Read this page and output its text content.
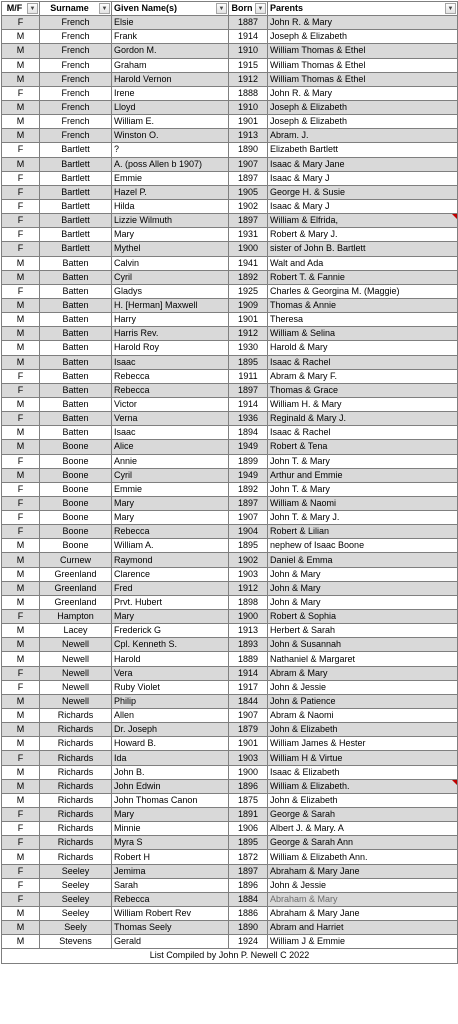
M/F ▼	Surname ▼	Given Name(s) ▼	Born ▼	Parents ▼

F	French	Elsie	1887	John R. & Mary
M	French	Frank	1914	Joseph & Elizabeth
M	French	Gordon M.	1910	William Thomas & Ethel
M	French	Graham	1915	William Thomas & Ethel
M	French	Harold Vernon	1912	William Thomas & Ethel
F	French	Irene	1888	John R. & Mary
M	French	Lloyd	1910	Joseph & Elizabeth
M	French	William E.	1901	Joseph & Elizabeth
M	French	Winston O.	1913	Abram. J.
F	Bartlett	?	1890	Elizabeth Bartlett
M	Bartlett	A. (poss Allen b 1907)	1907	Isaac & Mary Jane
F	Bartlett	Emmie	1897	Isaac & Mary J
F	Bartlett	Hazel P.	1905	George H. & Susie
F	Bartlett	Hilda	1902	Isaac & Mary J
F	Bartlett	Lizzie Wilmuth	1897	William & Elfrida,

F	Bartlett	Mary	1931	Robert & Mary J.
F	Bartlett	Mythel	1900	sister of John B. Bartlett
M	Batten	Calvin	1941	Walt and Ada
M	Batten	Cyril	1892	Robert T. & Fannie
F	Batten	Gladys	1925	Charles & Georgina M. (Maggie)
M	Batten	H. [Herman] Maxwell	1909	Thomas & Annie
M	Batten	Harry	1901	Theresa
M	Batten	Harris Rev.	1912	William & Selina
M	Batten	Harold Roy	1930	Harold & Mary
M	Batten	Isaac	1895	Isaac & Rachel
F	Batten	Rebecca	1911	Abram & Mary F.
F	Batten	Rebecca	1897	Thomas & Grace
M	Batten	Victor	1914	William H. & Mary
F	Batten	Verna	1936	Reginald & Mary J.
M	Batten	Isaac	1894	Isaac & Rachel
M	Boone	Alice	1949	Robert & Tena
F	Boone	Annie	1899	John T. & Mary
M	Boone	Cyril	1949	Arthur and Emmie
F	Boone	Emmie	1892	John T. & Mary
F	Boone	Mary	1897	William & Naomi
F	Boone	Mary	1907	John T. & Mary J.
F	Boone	Rebecca	1904	Robert & Lilian
M	Boone	William A.	1895	nephew of Isaac Boone
M	Curnew	Raymond	1902	Daniel & Emma
M	Greenland	Clarence	1903	John & Mary
M	Greenland	Fred	1912	John & Mary
M	Greenland	Prvt. Hubert	1898	John & Mary
F	Hampton	Mary	1900	Robert & Sophia
M	Lacey	Frederick G	1913	Herbert & Sarah
M	Newell	Cpl. Kenneth S.	1893	John & Susannah
M	Newell	Harold	1889	Nathaniel & Margaret
F	Newell	Vera	1914	Abram & Mary
F	Newell	Ruby Violet	1917	John & Jessie
M	Newell	Philip	1844	John & Patience
M	Richards	Allen	1907	Abram & Naomi
M	Richards	Dr. Joseph	1879	John & Elizabeth
M	Richards	Howard B.	1901	William James & Hester
F	Richards	Ida	1903	William H & Virtue
M	Richards	John B.	1900	Isaac & Elizabeth
M	Richards	John Edwin	1896	William & Elizabeth.

M	Richards	John Thomas Canon	1875	John & Elizabeth
F	Richards	Mary	1891	George & Sarah
F	Richards	Minnie	1906	Albert J. & Mary. A
F	Richards	Myra S	1895	George & Sarah Ann
M	Richards	Robert H	1872	William & Elizabeth Ann.
F	Seeley	Jemima	1897	Abraham & Mary Jane
F	Seeley	Sarah	1896	John & Jessie
F	Seeley	Rebecca	1884	Abraham & Mary
M	Seeley	William Robert Rev	1886	Abraham & Mary Jane
M	Seely	Thomas Seely	1890	Abram and Harriet
M	Stevens	Gerald	1924	William J & Emmie
List Compiled by John P. Newell C 2022				
